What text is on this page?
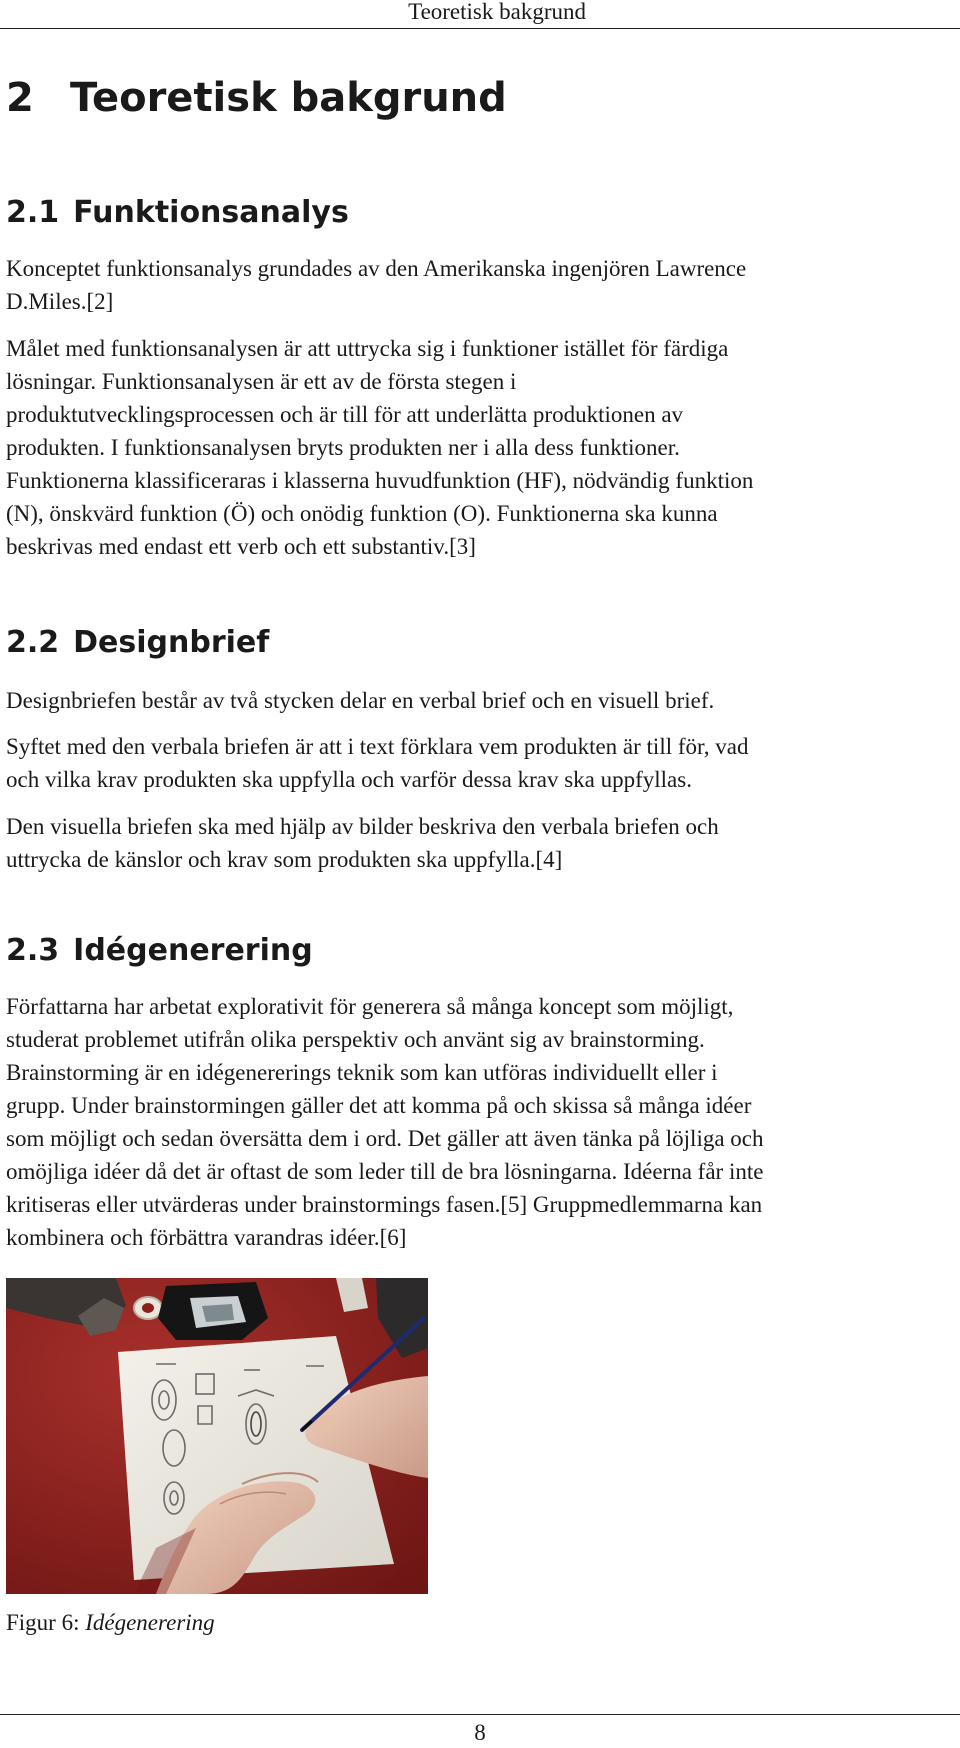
Teoretisk bakgrund
2 Teoretisk bakgrund
2.1 Funktionsanalys

Konceptet funktionsanalys grundades av den Amerikanska ingenjören Lawrence
D.Miles.[2]

Målet med funktionsanalysen är att uttrycka sig i funktioner istället för färdiga
lösningar. Funktionsanalysen är ett av de första stegen i
produktutvecklingsprocessen och är till för att underlätta produktionen av
produkten. I funktionsanalysen bryts produkten ner i alla dess funktioner.
Funktionerna klassificeraras i klasserna huvudfunktion (HF), nödvändig funktion
(N), önskvärd funktion (Ö) och onödig funktion (O). Funktionerna ska kunna
beskrivas med endast ett verb och ett substantiv.[3]

2.2 Designbrief

Designbriefen består av två stycken delar en verbal brief och en visuell brief.

Syftet med den verbala briefen är att i text förklara vem produkten är till för, vad
och vilka krav produkten ska uppfylla och varför dessa krav ska uppfyllas.

Den visuella briefen ska med hjälp av bilder beskriva den verbala briefen och
uttrycka de känslor och krav som produkten ska uppfylla.[4]

2.3 Idégenerering

Författarna har arbetat explorativit för generera så många koncept som möjligt,
studerat problemet utifrån olika perspektiv och använt sig av brainstorming.
Brainstorming är en idégenererings teknik som kan utföras individuellt eller i
grupp. Under brainstormingen gäller det att komma på och skissa så många idéer
som möjligt och sedan översätta dem i ord. Det gäller att även tänka på löjliga och
omöjliga idéer då det är oftast de som leder till de bra lösningarna. Idéerna får inte
kritiseras eller utvärderas under brainstormings fasen.[5] Gruppmedlemmarna kan
kombinera och förbättra varandras idéer.[6]

Figur 6: Idégenerering
8
